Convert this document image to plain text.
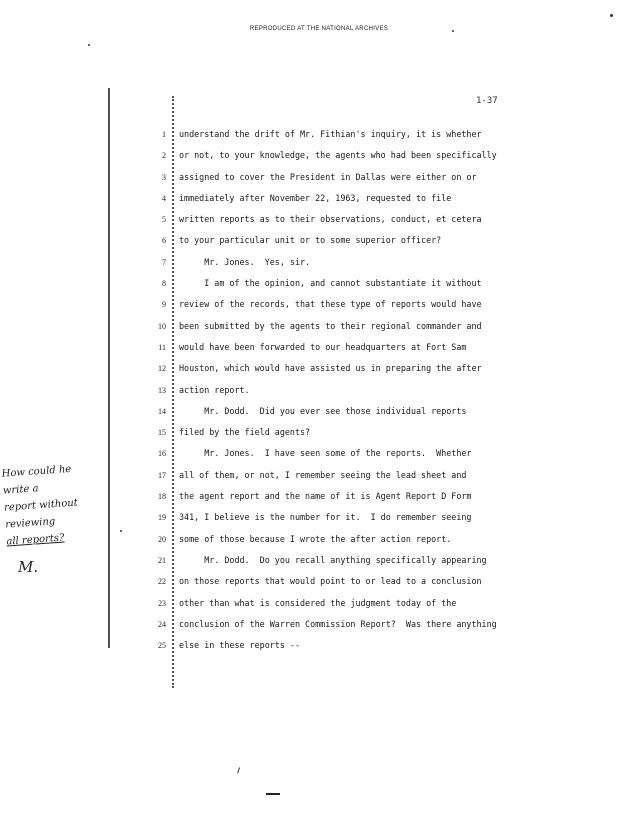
REPRODUCED AT THE NATIONAL ARCHIVES
1-37
1
2
3
4
5
6
7
8
9
10
11
12
13
14
15
16
17
18
19
20
21
22
23
24
25
understand the drift of Mr. Fithian's inquiry, it is whether
or not, to your knowledge, the agents who had been specifically
assigned to cover the President in Dallas were either on or
immediately after November 22, 1963, requested to file
written reports as to their observations, conduct, et cetera
to your particular unit or to some superior officer?
Mr. Jones.  Yes, sir.
I am of the opinion, and cannot substantiate it without
review of the records, that these type of reports would have
been submitted by the agents to their regional commander and
would have been forwarded to our headquarters at Fort Sam
Houston, which would have assisted us in preparing the after
action report.
Mr. Dodd.  Did you ever see those individual reports
filed by the field agents?
Mr. Jones.  I have seen some of the reports.  Whether
all of them, or not, I remember seeing the lead sheet and
the agent report and the name of it is Agent Report D Form
341, I believe is the number for it.  I do remember seeing
some of those because I wrote the after action report.
Mr. Dodd.  Do you recall anything specifically appearing
on those reports that would point to or lead to a conclusion
other than what is considered the judgment today of the
conclusion of the Warren Commission Report?  Was there anything
else in these reports --
How could he
write a
report without
reviewing
all reports?
M.
